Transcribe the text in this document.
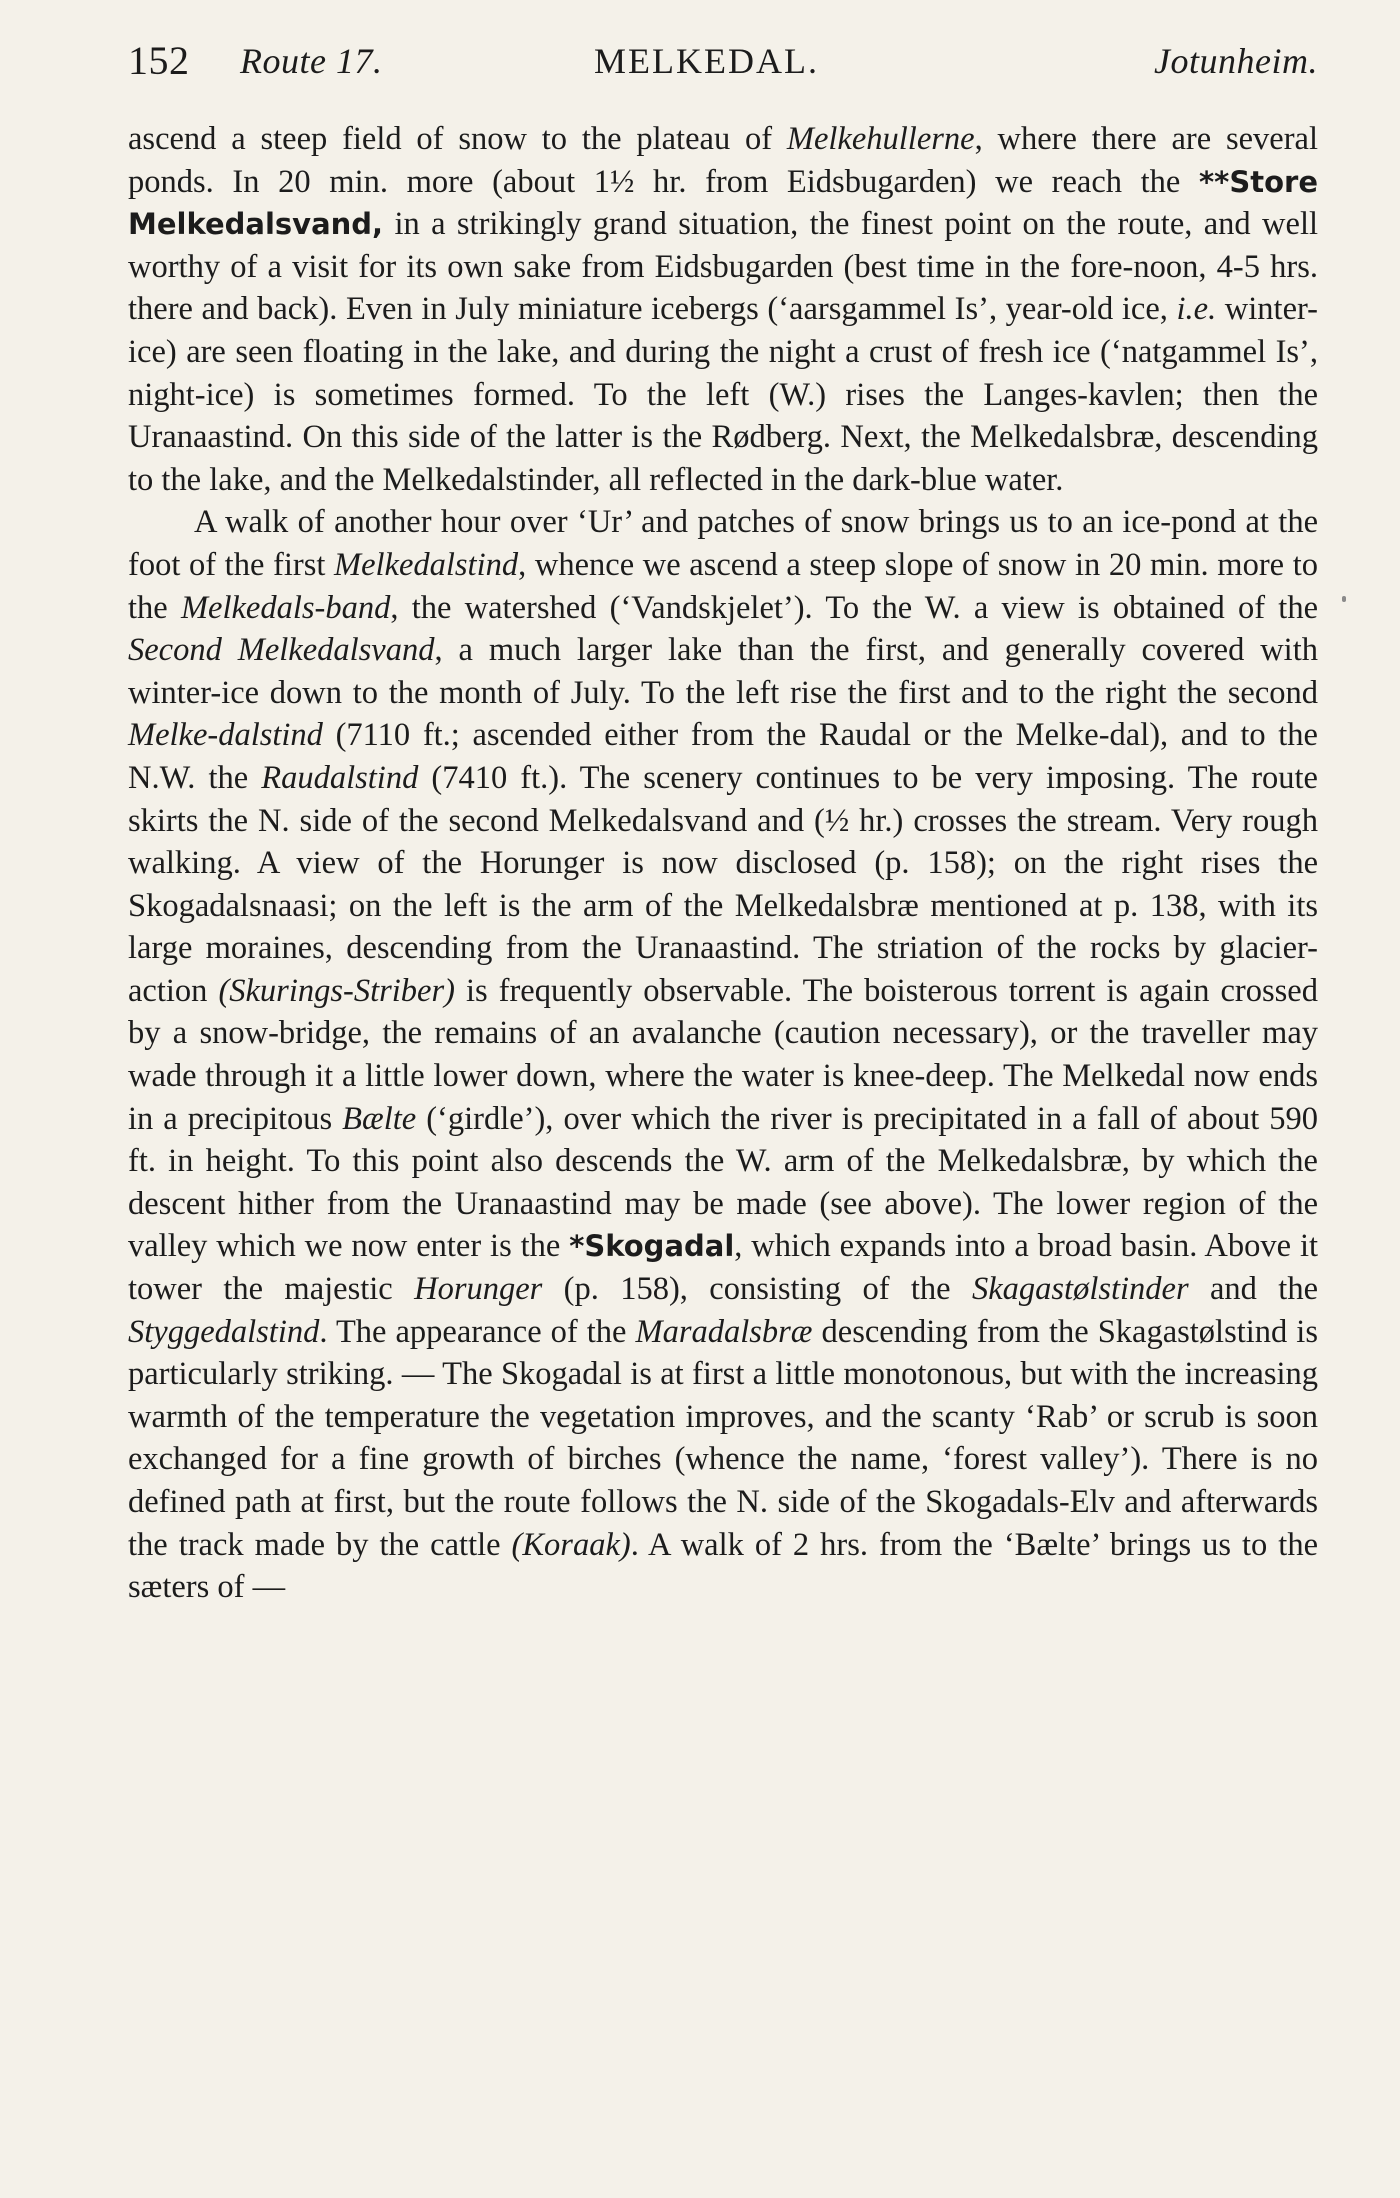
152 Route 17.	MELKEDAL.	Jotunheim.

ascend a steep field of snow to the plateau of Melkehullerne, where there are several ponds. In 20 min. more (about 1½ hr. from Eidsbugarden) we reach the **Store Melkedalsvand, in a strikingly grand situation, the finest point on the route, and well worthy of a visit for its own sake from Eidsbugarden (best time in the fore-noon, 4-5 hrs. there and back). Even in July miniature icebergs (‘aarsgammel Is’, year-old ice, i.e. winter-ice) are seen floating in the lake, and during the night a crust of fresh ice (‘natgammel Is’, night-ice) is sometimes formed. To the left (W.) rises the Langes-kavlen; then the Uranaastind. On this side of the latter is the Rødberg. Next, the Melkedalsbræ, descending to the lake, and the Melkedalstinder, all reflected in the dark-blue water.

A walk of another hour over ‘Ur’ and patches of snow brings us to an ice-pond at the foot of the first Melkedalstind, whence we ascend a steep slope of snow in 20 min. more to the Melkedals-band, the watershed (‘Vandskjelet’). To the W. a view is obtained of the Second Melkedalsvand, a much larger lake than the first, and generally covered with winter-ice down to the month of July. To the left rise the first and to the right the second Melke-dalstind (7110 ft.; ascended either from the Raudal or the Melke-dal), and to the N.W. the Raudalstind (7410 ft.). The scenery continues to be very imposing. The route skirts the N. side of the second Melkedalsvand and (½ hr.) crosses the stream. Very rough walking. A view of the Horunger is now disclosed (p. 158); on the right rises the Skogadalsnaasi; on the left is the arm of the Melkedalsbræ mentioned at p. 138, with its large moraines, descending from the Uranaastind. The striation of the rocks by glacier-action (Skurings-Striber) is frequently observable. The boisterous torrent is again crossed by a snow-bridge, the remains of an avalanche (caution necessary), or the traveller may wade through it a little lower down, where the water is knee-deep. The Melkedal now ends in a precipitous Bælte (‘girdle’), over which the river is precipitated in a fall of about 590 ft. in height. To this point also descends the W. arm of the Melkedalsbræ, by which the descent hither from the Uranaastind may be made (see above). The lower region of the valley which we now enter is the *Skogadal, which expands into a broad basin. Above it tower the majestic Horunger (p. 158), consisting of the Skagastølstinder and the Styggedalstind. The appearance of the Maradalsbræ descending from the Skagastølstind is particularly striking. — The Skogadal is at first a little monotonous, but with the increasing warmth of the temperature the vegetation improves, and the scanty ‘Rab’ or scrub is soon exchanged for a fine growth of birches (whence the name, ‘forest valley’). There is no defined path at first, but the route follows the N. side of the Skogadals-Elv and afterwards the track made by the cattle (Koraak). A walk of 2 hrs. from the ‘Bælte’ brings us to the sæters of —
